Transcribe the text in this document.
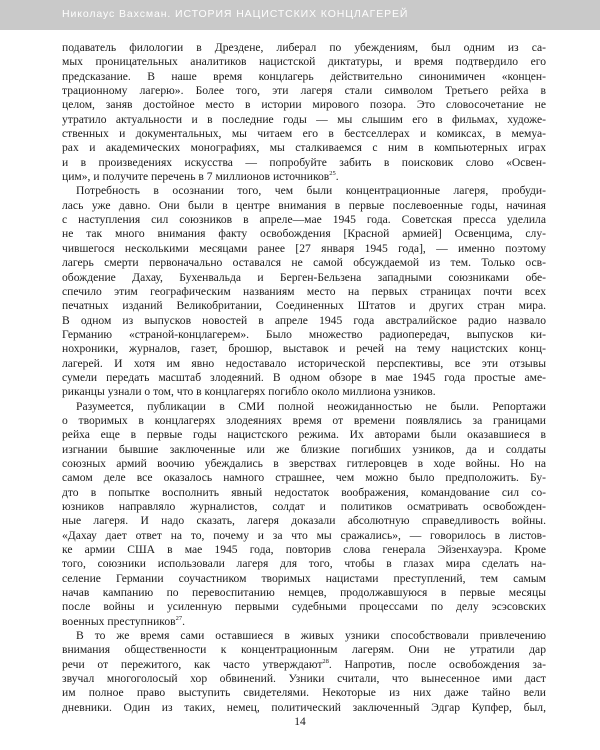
Николаус Вахсман. ИСТОРИЯ НАЦИСТСКИХ КОНЦЛАГЕРЕЙ
подаватель филологии в Дрездене, либерал по убеждениям, был одним из са-
мых проницательных аналитиков нацистской диктатуры, и время подтвердило его
предсказание. В наше время концлагерь действительно синонимичен «концен-
трационному лагерю». Более того, эти лагеря стали символом Третьего рейха в
целом, заняв достойное место в истории мирового позора. Это словосочетание не
утратило актуальности и в последние годы — мы слышим его в фильмах, художе-
ственных и документальных, мы читаем его в бестселлерах и комиксах, в мемуа-
рах и академических монографиях, мы сталкиваемся с ним в компьютерных играх
и в произведениях искусства — попробуйте забить в поисковик слово «Освен-
цим», и получите перечень в 7 миллионов источников$^{25}$.
Потребность в осознании того, чем были концентрационные лагеря, пробуди-
лась уже давно. Они были в центре внимания в первые послевоенные годы, начиная
с наступления сил союзников в апреле—мае 1945 года. Советская пресса уделила
не так много внимания факту освобождения [Красной армией] Освенцима, слу-
чившегося несколькими месяцами ранее [27 января 1945 года], — именно поэтому
лагерь смерти первоначально оставался не самой обсуждаемой из тем. Только осв-
обождение Дахау, Бухенвальда и Берген-Бельзена западными союзниками обе-
спечило этим географическим названиям место на первых страницах почти всех
печатных изданий Великобритании, Соединенных Штатов и других стран мира.
В одном из выпусков новостей в апреле 1945 года австралийское радио назвало
Германию «страной-концлагерем». Было множество радиопередач, выпусков ки-
нохроники, журналов, газет, брошюр, выставок и речей на тему нацистских конц-
лагерей. И хотя им явно недоставало исторической перспективы, все эти отзывы
сумели передать масштаб злодеяний. В одном обзоре в мае 1945 года простые аме-
риканцы узнали о том, что в концлагерях погибло около миллиона узников.
Разумеется, публикации в СМИ полной неожиданностью не были. Репортажи
о творимых в концлагерях злодеяниях время от времени появлялись за границами
рейха еще в первые годы нацистского режима. Их авторами были оказавшиеся в
изгнании бывшие заключенные или же близкие погибших узников, да и солдаты
союзных армий воочию убеждались в зверствах гитлеровцев в ходе войны. Но на
самом деле все оказалось намного страшнее, чем можно было предположить. Бу-
дто в попытке восполнить явный недостаток воображения, командование сил со-
юзников направляло журналистов, солдат и политиков осматривать освобожден-
ные лагеря. И надо сказать, лагеря доказали абсолютную справедливость войны.
«Дахау дает ответ на то, почему и за что мы сражались», — говорилось в листов-
ке армии США в мае 1945 года, повторив слова генерала Эйзенхауэра. Кроме
того, союзники использовали лагеря для того, чтобы в глазах мира сделать на-
селение Германии соучастником творимых нацистами преступлений, тем самым
начав кампанию по перевоспитанию немцев, продолжавшуюся в первые месяцы
после войны и усиленную первыми судебными процессами по делу эсэсовских
военных преступников$^{27}$.
В то же время сами оставшиеся в живых узники способствовали привлечению
внимания общественности к концентрационным лагерям. Они не утратили дар
речи от пережитого, как часто утверждают$^{28}$. Напротив, после освобождения за-
звучал многоголосый хор обвинений. Узники считали, что вынесенное ими даст
им полное право выступить свидетелями. Некоторые из них даже тайно вели
дневники. Один из таких, немец, политический заключенный Эдгар Купфер, был,
14
